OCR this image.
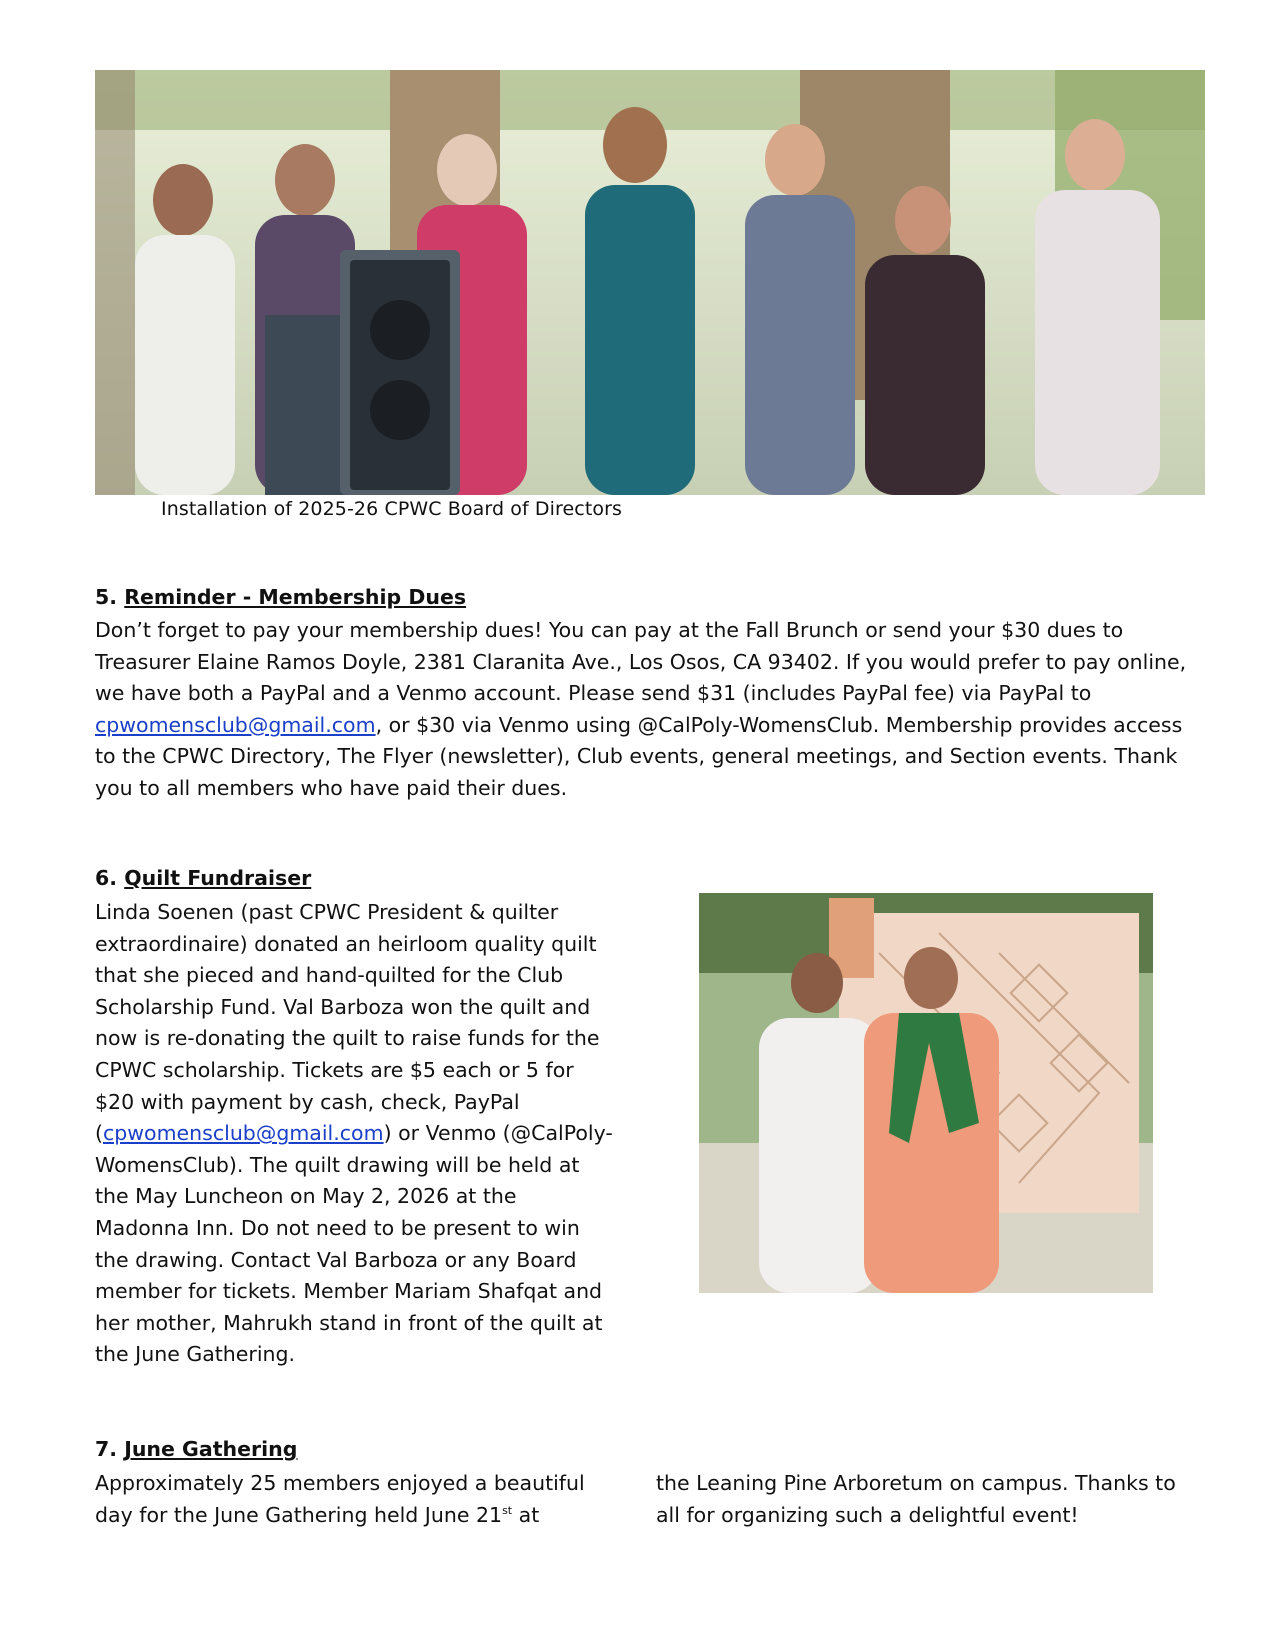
Installation of 2025-26 CPWC Board of Directors
5. Reminder - Membership Dues

Don’t forget to pay your membership dues! You can pay at the Fall Brunch or send your $30 dues to Treasurer Elaine Ramos Doyle, 2381 Claranita Ave., Los Osos, CA 93402. If you would prefer to pay online, we have both a PayPal and a Venmo account. Please send $31 (includes PayPal fee) via PayPal to cpwomensclub@gmail.com, or $30 via Venmo using @CalPoly-WomensClub. Membership provides access to the CPWC Directory, The Flyer (newsletter), Club events, general meetings, and Section events. Thank you to all members who have paid their dues.

6. Quilt Fundraiser

Linda Soenen (past CPWC President & quilter extraordinaire) donated an heirloom quality quilt that she pieced and hand-quilted for the Club Scholarship Fund. Val Barboza won the quilt and now is re-donating the quilt to raise funds for the CPWC scholarship. Tickets are $5 each or 5 for $20 with payment by cash, check, PayPal (cpwomensclub@gmail.com) or Venmo (@CalPoly-WomensClub). The quilt drawing will be held at the May Luncheon on May 2, 2026 at the Madonna Inn. Do not need to be present to win the drawing. Contact Val Barboza or any Board member for tickets. Member Mariam Shafqat and her mother, Mahrukh stand in front of the quilt at the June Gathering.

7. June Gathering

Approximately 25 members enjoyed a beautiful day for the June Gathering held June 21st at

the Leaning Pine Arboretum on campus. Thanks to all for organizing such a delightful event!
